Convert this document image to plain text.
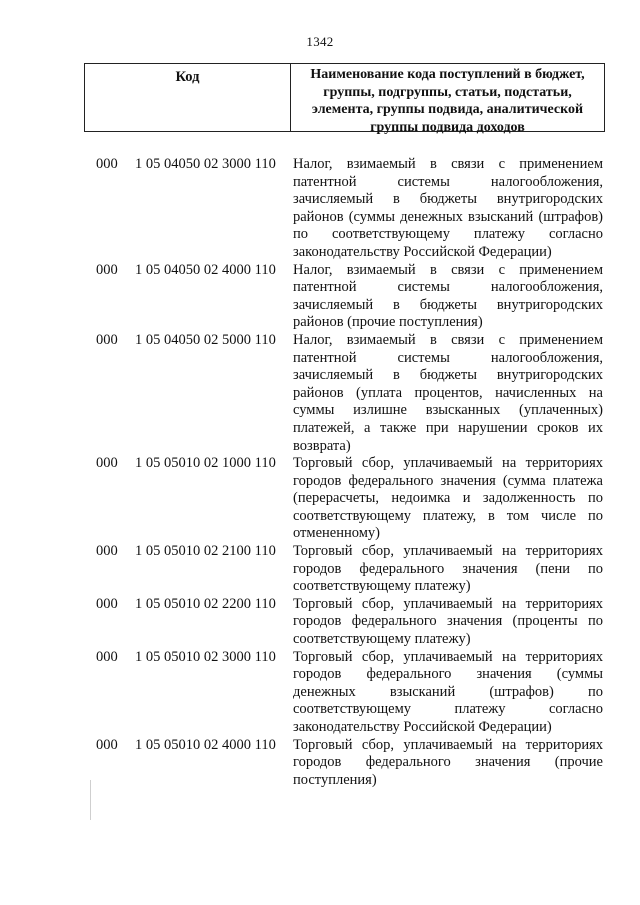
1342
Код	Наименование кода поступлений в бюджет, группы, подгруппы, статьи, подстатьи, элемента, группы подвида, аналитической группы подвида доходов
000 1 05 04050 02 3000 110 Налог, взимаемый в связи с применением патентной системы налогообложения, зачисляемый в бюджеты внутригородских районов (суммы денежных взысканий (штрафов) по соответствующему платежу согласно законодательству Российской Федерации)
000 1 05 04050 02 4000 110 Налог, взимаемый в связи с применением патентной системы налогообложения, зачисляемый в бюджеты внутригородских районов (прочие поступления)
000 1 05 04050 02 5000 110 Налог, взимаемый в связи с применением патентной системы налогообложения, зачисляемый в бюджеты внутригородских районов (уплата процентов, начисленных на суммы излишне взысканных (уплаченных) платежей, а также при нарушении сроков их возврата)
000 1 05 05010 02 1000 110 Торговый сбор, уплачиваемый на территориях городов федерального значения (сумма платежа (перерасчеты, недоимка и задолженность по соответствующему платежу, в том числе по отмененному)
000 1 05 05010 02 2100 110 Торговый сбор, уплачиваемый на территориях городов федерального значения (пени по соответствующему платежу)
000 1 05 05010 02 2200 110 Торговый сбор, уплачиваемый на территориях городов федерального значения (проценты по соответствующему платежу)
000 1 05 05010 02 3000 110 Торговый сбор, уплачиваемый на территориях городов федерального значения (суммы денежных взысканий (штрафов) по соответствующему платежу согласно законодательству Российской Федерации)
000 1 05 05010 02 4000 110 Торговый сбор, уплачиваемый на территориях городов федерального значения (прочие поступления)
